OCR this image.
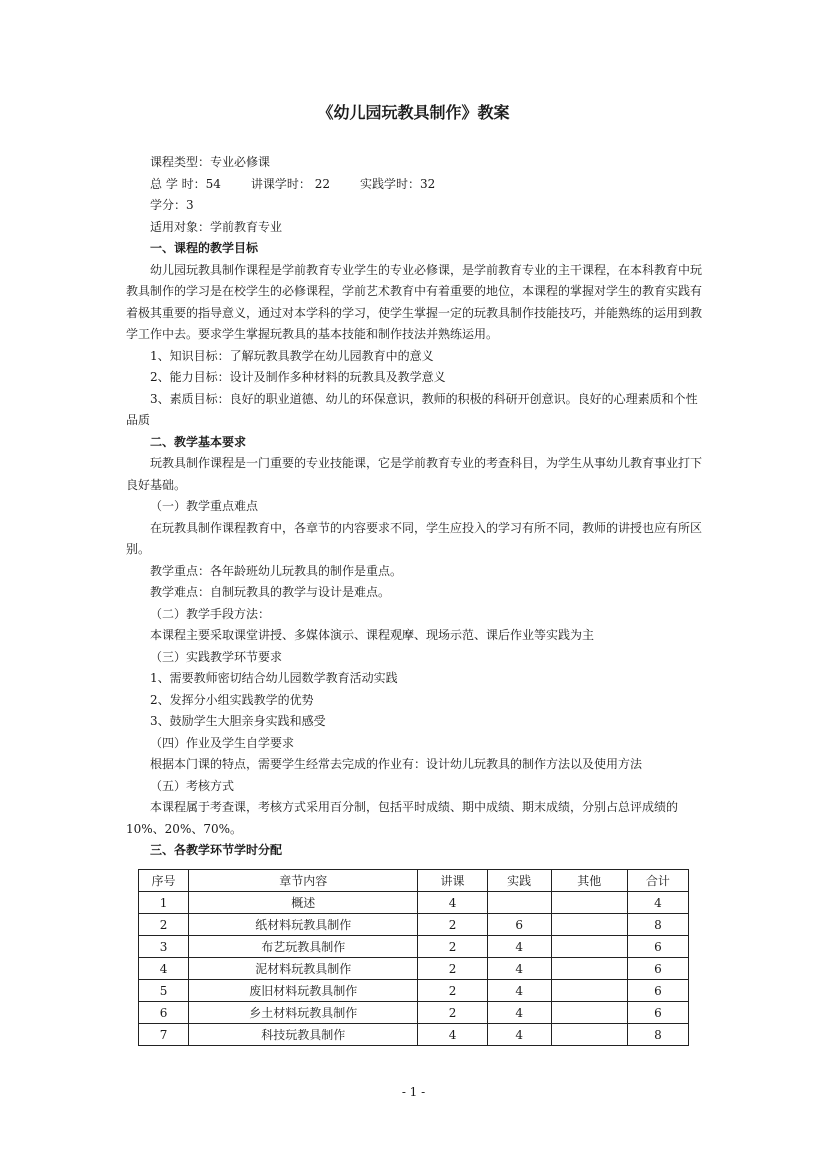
《幼儿园玩教具制作》教案

课程类型：专业必修课

总 学 时：54	讲课学时： 22	实践学时：32

学分：3

适用对象：学前教育专业

一、课程的教学目标

幼儿园玩教具制作课程是学前教育专业学生的专业必修课，是学前教育专业的主干课程，在本科教育中玩教具制作的学习是在校学生的必修课程，学前艺术教育中有着重要的地位，本课程的掌握对学生的教育实践有着极其重要的指导意义，通过对本学科的学习，使学生掌握一定的玩教具制作技能技巧，并能熟练的运用到教学工作中去。要求学生掌握玩教具的基本技能和制作技法并熟练运用。

1、知识目标：了解玩教具教学在幼儿园教育中的意义

2、能力目标：设计及制作多种材料的玩教具及教学意义

3、素质目标：良好的职业道德、幼儿的环保意识，教师的积极的科研开创意识。良好的心理素质和个性品质

二、教学基本要求

玩教具制作课程是一门重要的专业技能课，它是学前教育专业的考查科目，为学生从事幼儿教育事业打下良好基础。

（一）教学重点难点

在玩教具制作课程教育中，各章节的内容要求不同，学生应投入的学习有所不同，教师的讲授也应有所区别。

教学重点：各年龄班幼儿玩教具的制作是重点。

教学难点：自制玩教具的教学与设计是难点。

（二）教学手段方法：

本课程主要采取课堂讲授、多媒体演示、课程观摩、现场示范、课后作业等实践为主

（三）实践教学环节要求

1、需要教师密切结合幼儿园数学教育活动实践

2、发挥分小组实践教学的优势

3、鼓励学生大胆亲身实践和感受

（四）作业及学生自学要求

根据本门课的特点，需要学生经常去完成的作业有：设计幼儿玩教具的制作方法以及使用方法

（五）考核方式

本课程属于考查课，考核方式采用百分制，包括平时成绩、期中成绩、期末成绩，分别占总评成绩的10%、20%、70%。

三、各教学环节学时分配

序号	章节内容	讲课	实践	其他	合计
1	概述	4			4
2	纸材料玩教具制作	2	6		8
3	布艺玩教具制作	2	4		6
4	泥材料玩教具制作	2	4		6
5	废旧材料玩教具制作	2	4		6
6	乡土材料玩教具制作	2	4		6
7	科技玩教具制作	4	4		8
- 1 -
